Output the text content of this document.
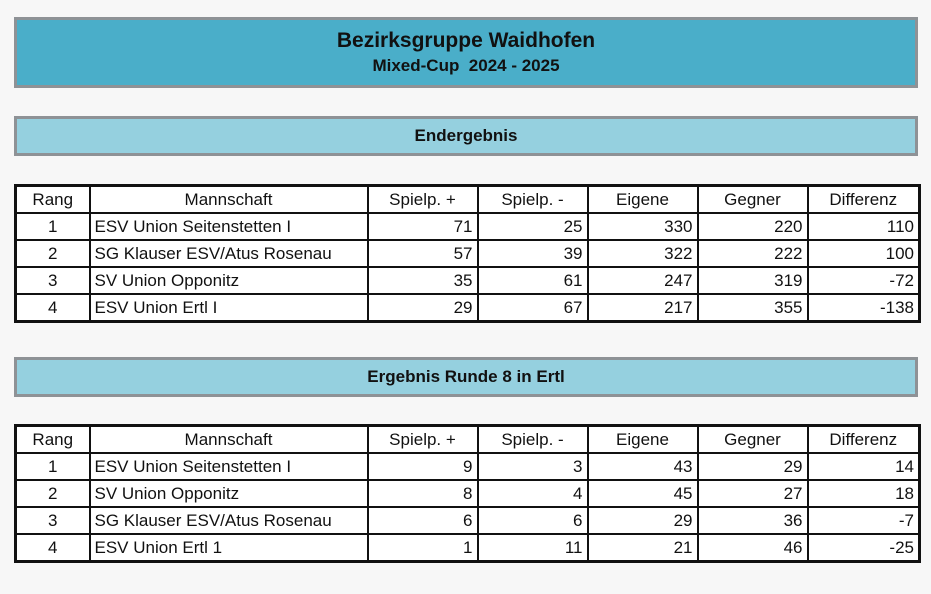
Bezirksgruppe Waidhofen
Mixed-Cup  2024 - 2025
Endergebnis
Rang	Mannschaft	Spielp. +	Spielp. -	Eigene	Gegner	Differenz
1	ESV Union Seitenstetten I	71	25	330	220	110
2	SG Klauser ESV/Atus Rosenau	57	39	322	222	100
3	SV Union Opponitz	35	61	247	319	-72
4	ESV Union Ertl I	29	67	217	355	-138
Ergebnis Runde 8 in Ertl
Rang	Mannschaft	Spielp. +	Spielp. -	Eigene	Gegner	Differenz
1	ESV Union Seitenstetten I	9	3	43	29	14
2	SV Union Opponitz	8	4	45	27	18
3	SG Klauser ESV/Atus Rosenau	6	6	29	36	-7
4	ESV Union Ertl 1	1	11	21	46	-25
